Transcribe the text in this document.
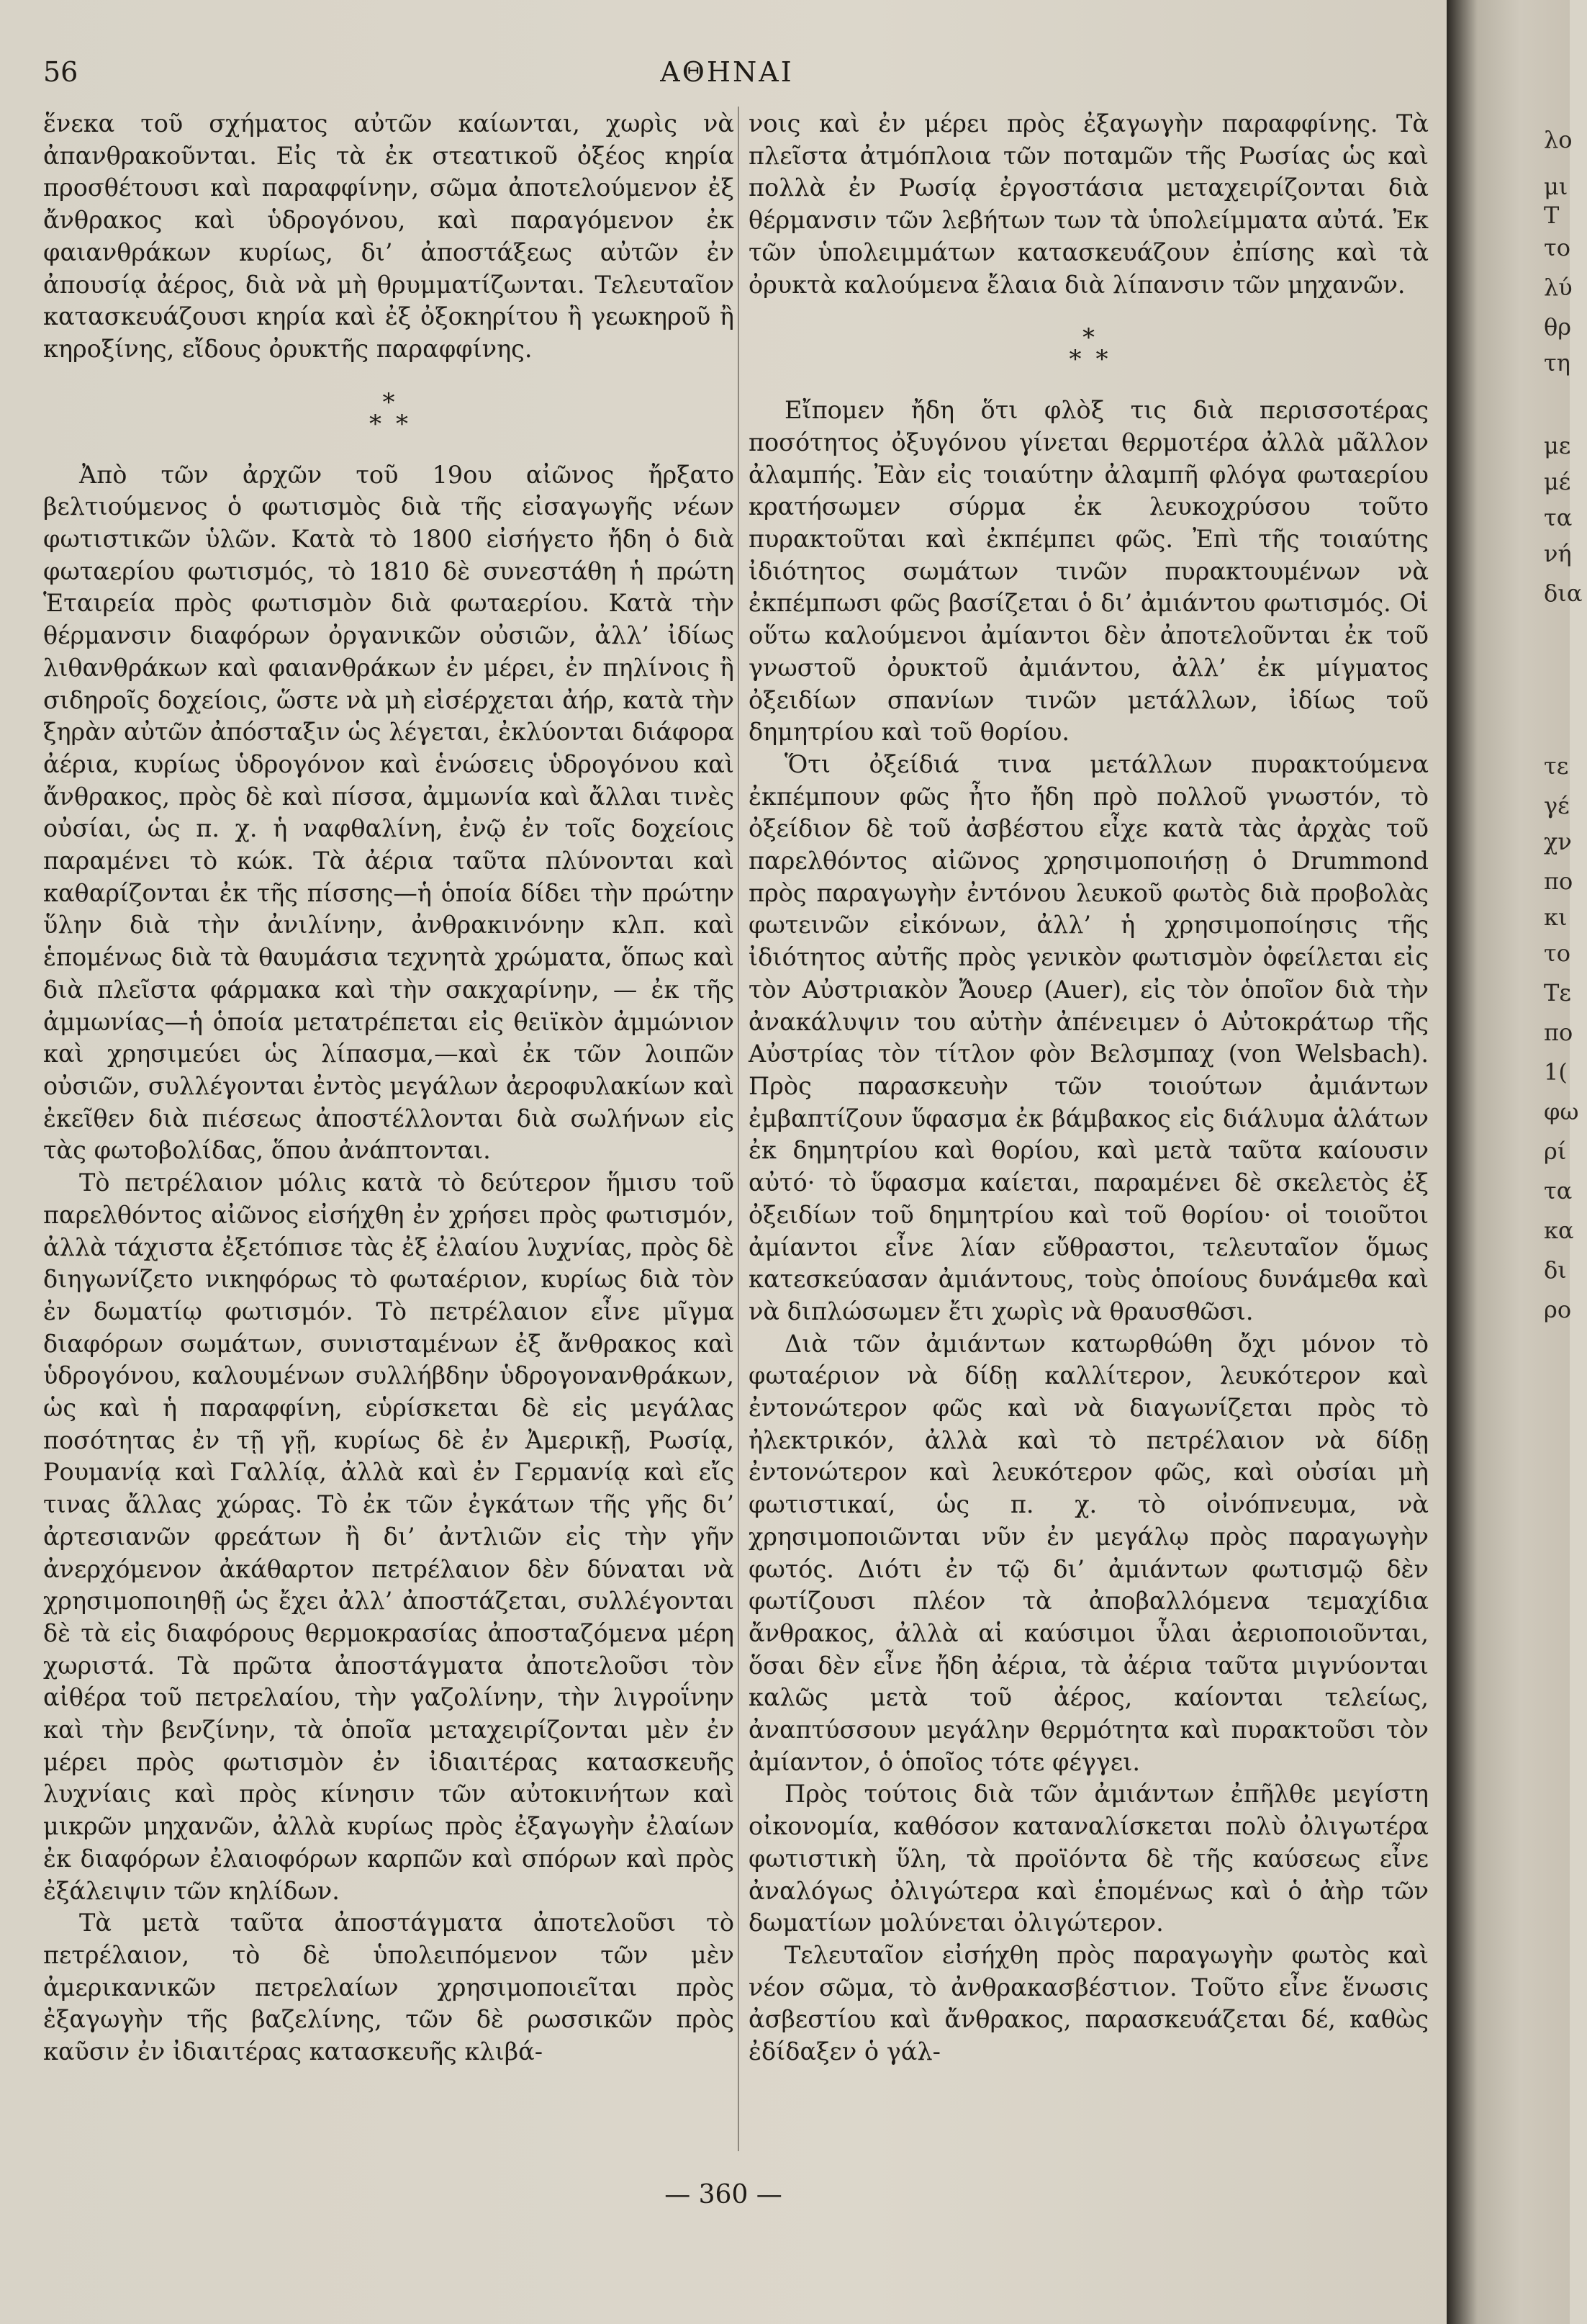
56	ΑΘΗΝΑΙ

ἕνεκα τοῦ σχήματος αὐτῶν καίωνται, χωρὶς νὰ ἀπανθρακοῦνται. Εἰς τὰ ἐκ στεατικοῦ ὀξέος κηρία προσθέτουσι καὶ παραφφίνην, σῶμα ἀποτελούμενον ἐξ ἄνθρακος καὶ ὑδρογόνου, καὶ παραγόμενον ἐκ φαιανθράκων κυρίως, δι’ ἀποστάξεως αὐτῶν ἐν ἀπουσίᾳ ἀέρος, διὰ νὰ μὴ θρυμματίζωνται. Τελευταῖον κατασκευάζουσι κηρία καὶ ἐξ ὀξοκηρίτου ἢ γεωκηροῦ ἢ κηροξίνης, εἴδους ὀρυκτῆς παραφφίνης.

*
**

Ἀπὸ τῶν ἀρχῶν τοῦ 19ου αἰῶνος ἤρξατο βελτιούμενος ὁ φωτισμὸς διὰ τῆς εἰσαγωγῆς νέων φωτιστικῶν ὑλῶν. Κατὰ τὸ 1800 εἰσήγετο ἤδη ὁ διὰ φωταερίου φωτισμός, τὸ 1810 δὲ συνεστάθη ἡ πρώτη Ἑταιρεία πρὸς φωτισμὸν διὰ φωταερίου. Κατὰ τὴν θέρμανσιν διαφόρων ὀργανικῶν οὐσιῶν, ἀλλ’ ἰδίως λιθανθράκων καὶ φαιανθράκων ἐν μέρει, ἐν πηλίνοις ἢ σιδηροῖς δοχείοις, ὥστε νὰ μὴ εἰσέρχεται ἀήρ, κατὰ τὴν ξηρὰν αὐτῶν ἀπόσταξιν ὡς λέγεται, ἐκλύονται διάφορα ἀέρια, κυρίως ὑδρογόνον καὶ ἑνώσεις ὑδρογόνου καὶ ἄνθρακος, πρὸς δὲ καὶ πίσσα, ἀμμωνία καὶ ἄλλαι τινὲς οὐσίαι, ὡς π. χ. ἡ ναφθαλίνη, ἐνῷ ἐν τοῖς δοχείοις παραμένει τὸ κώκ. Τὰ ἀέρια ταῦτα πλύνονται καὶ καθαρίζονται ἐκ τῆς πίσσης—ἡ ὁποία δίδει τὴν πρώτην ὕλην διὰ τὴν ἀνιλίνην, ἀνθρακινόνην κλπ. καὶ ἑπομένως διὰ τὰ θαυμάσια τεχνητὰ χρώματα, ὅπως καὶ διὰ πλεῖστα φάρμακα καὶ τὴν σακχαρίνην, — ἐκ τῆς ἀμμωνίας—ἡ ὁποία μετατρέπεται εἰς θειϊκὸν ἀμμώνιον καὶ χρησιμεύει ὡς λίπασμα,—καὶ ἐκ τῶν λοιπῶν οὐσιῶν, συλλέγονται ἐντὸς μεγάλων ἀεροφυλακίων καὶ ἐκεῖθεν διὰ πιέσεως ἀποστέλλονται διὰ σωλήνων εἰς τὰς φωτοβολίδας, ὅπου ἀνάπτονται.

Τὸ πετρέλαιον μόλις κατὰ τὸ δεύτερον ἥμισυ τοῦ παρελθόντος αἰῶνος εἰσήχθη ἐν χρήσει πρὸς φωτισμόν, ἀλλὰ τάχιστα ἐξετόπισε τὰς ἐξ ἐλαίου λυχνίας, πρὸς δὲ διηγωνίζετο νικηφόρως τὸ φωταέριον, κυρίως διὰ τὸν ἐν δωματίῳ φωτισμόν. Τὸ πετρέλαιον εἶνε μῖγμα διαφόρων σωμάτων, συνισταμένων ἐξ ἄνθρακος καὶ ὑδρογόνου, καλουμένων συλλήβδην ὑδρογονανθράκων, ὡς καὶ ἡ παραφφίνη, εὑρίσκεται δὲ εἰς μεγάλας ποσότητας ἐν τῇ γῇ, κυρίως δὲ ἐν Ἀμερικῇ, Ρωσίᾳ, Ρουμανίᾳ καὶ Γαλλίᾳ, ἀλλὰ καὶ ἐν Γερμανίᾳ καὶ εἴς τινας ἄλλας χώρας. Τὸ ἐκ τῶν ἐγκάτων τῆς γῆς δι’ ἀρτεσιανῶν φρεάτων ἢ δι’ ἀντλιῶν εἰς τὴν γῆν ἀνερχόμενον ἀκάθαρτον πετρέλαιον δὲν δύναται νὰ χρησιμοποιηθῇ ὡς ἔχει ἀλλ’ ἀποστάζεται, συλλέγονται δὲ τὰ εἰς διαφόρους θερμοκρασίας ἀποσταζόμενα μέρη χωριστά. Τὰ πρῶτα ἀποστάγματα ἀποτελοῦσι τὸν αἰθέρα τοῦ πετρελαίου, τὴν γαζολίνην, τὴν λιγροΐνην καὶ τὴν βενζίνην, τὰ ὁποῖα μεταχειρίζονται μὲν ἐν μέρει πρὸς φωτισμὸν ἐν ἰδιαιτέρας κατασκευῆς λυχνίαις καὶ πρὸς κίνησιν τῶν αὐτοκινήτων καὶ μικρῶν μηχανῶν, ἀλλὰ κυρίως πρὸς ἐξαγωγὴν ἐλαίων ἐκ διαφόρων ἐλαιοφόρων καρπῶν καὶ σπόρων καὶ πρὸς ἐξάλειψιν τῶν κηλίδων.

Τὰ μετὰ ταῦτα ἀποστάγματα ἀποτελοῦσι τὸ πετρέλαιον, τὸ δὲ ὑπολειπόμενον τῶν μὲν ἀμερικανικῶν πετρελαίων χρησιμοποιεῖται πρὸς ἐξαγωγὴν τῆς βαζελίνης, τῶν δὲ ρωσσικῶν πρὸς καῦσιν ἐν ἰδιαιτέρας κατασκευῆς κλιβά-

νοις καὶ ἐν μέρει πρὸς ἐξαγωγὴν παραφφίνης. Τὰ πλεῖστα ἀτμόπλοια τῶν ποταμῶν τῆς Ρωσίας ὡς καὶ πολλὰ ἐν Ρωσίᾳ ἐργοστάσια μεταχειρίζονται διὰ θέρμανσιν τῶν λεβήτων των τὰ ὑπολείμματα αὐτά. Ἐκ τῶν ὑπολειμμάτων κατασκευάζουν ἐπίσης καὶ τὰ ὀρυκτὰ καλούμενα ἔλαια διὰ λίπανσιν τῶν μηχανῶν.

*
**

Εἴπομεν ἤδη ὅτι φλὸξ τις διὰ περισσοτέρας ποσότητος ὀξυγόνου γίνεται θερμοτέρα ἀλλὰ μᾶλλον ἀλαμπής. Ἐὰν εἰς τοιαύτην ἀλαμπῆ φλόγα φωταερίου κρατήσωμεν σύρμα ἐκ λευκοχρύσου τοῦτο πυρακτοῦται καὶ ἐκπέμπει φῶς. Ἐπὶ τῆς τοιαύτης ἰδιότητος σωμάτων τινῶν πυρακτουμένων νὰ ἐκπέμπωσι φῶς βασίζεται ὁ δι’ ἀμιάντου φωτισμός. Οἱ οὕτω καλούμενοι ἀμίαντοι δὲν ἀποτελοῦνται ἐκ τοῦ γνωστοῦ ὀρυκτοῦ ἀμιάντου, ἀλλ’ ἐκ μίγματος ὀξειδίων σπανίων τινῶν μετάλλων, ἰδίως τοῦ δημητρίου καὶ τοῦ θορίου.

Ὅτι ὀξείδιά τινα μετάλλων πυρακτούμενα ἐκπέμπουν φῶς ἦτο ἤδη πρὸ πολλοῦ γνωστόν, τὸ ὀξείδιον δὲ τοῦ ἀσβέστου εἶχε κατὰ τὰς ἀρχὰς τοῦ παρελθόντος αἰῶνος χρησιμοποιήσῃ ὁ Drummond πρὸς παραγωγὴν ἐντόνου λευκοῦ φωτὸς διὰ προβολὰς φωτεινῶν εἰκόνων, ἀλλ’ ἡ χρησιμοποίησις τῆς ἰδιότητος αὐτῆς πρὸς γενικὸν φωτισμὸν ὀφείλεται εἰς τὸν Αὐστριακὸν Ἄουερ (Auer), εἰς τὸν ὁποῖον διὰ τὴν ἀνακάλυψιν του αὐτὴν ἀπένειμεν ὁ Αὐτοκράτωρ τῆς Αὐστρίας τὸν τίτλον φὸν Βελσμπαχ (von Welsbach). Πρὸς παρασκευὴν τῶν τοιούτων ἀμιάντων ἐμβαπτίζουν ὕφασμα ἐκ βάμβακος εἰς διάλυμα ἁλάτων ἐκ δημητρίου καὶ θορίου, καὶ μετὰ ταῦτα καίουσιν αὐτό· τὸ ὕφασμα καίεται, παραμένει δὲ σκελετὸς ἐξ ὀξειδίων τοῦ δημητρίου καὶ τοῦ θορίου· οἱ τοιοῦτοι ἀμίαντοι εἶνε λίαν εὔθραστοι, τελευταῖον ὅμως κατεσκεύασαν ἀμιάντους, τοὺς ὁποίους δυνάμεθα καὶ νὰ διπλώσωμεν ἔτι χωρὶς νὰ θραυσθῶσι.

Διὰ τῶν ἀμιάντων κατωρθώθη ὄχι μόνον τὸ φωταέριον νὰ δίδῃ καλλίτερον, λευκότερον καὶ ἐντονώτερον φῶς καὶ νὰ διαγωνίζεται πρὸς τὸ ἠλεκτρικόν, ἀλλὰ καὶ τὸ πετρέλαιον νὰ δίδῃ ἐντονώτερον καὶ λευκότερον φῶς, καὶ οὐσίαι μὴ φωτιστικαί, ὡς π. χ. τὸ οἰνόπνευμα, νὰ χρησιμοποιῶνται νῦν ἐν μεγάλῳ πρὸς παραγωγὴν φωτός. Διότι ἐν τῷ δι’ ἀμιάντων φωτισμῷ δὲν φωτίζουσι πλέον τὰ ἀποβαλλόμενα τεμαχίδια ἄνθρακος, ἀλλὰ αἱ καύσιμοι ὗλαι ἀεριοποιοῦνται, ὅσαι δὲν εἶνε ἤδη ἀέρια, τὰ ἀέρια ταῦτα μιγνύονται καλῶς μετὰ τοῦ ἀέρος, καίονται τελείως, ἀναπτύσσουν μεγάλην θερμότητα καὶ πυρακτοῦσι τὸν ἀμίαντον, ὁ ὁποῖος τότε φέγγει.

Πρὸς τούτοις διὰ τῶν ἀμιάντων ἐπῆλθε μεγίστη οἰκονομία, καθόσον καταναλίσκεται πολὺ ὀλιγωτέρα φωτιστικὴ ὕλη, τὰ προϊόντα δὲ τῆς καύσεως εἶνε ἀναλόγως ὀλιγώτερα καὶ ἑπομένως καὶ ὁ ἀὴρ τῶν δωματίων μολύνεται ὀλιγώτερον.

Τελευταῖον εἰσήχθη πρὸς παραγωγὴν φωτὸς καὶ νέον σῶμα, τὸ ἀνθρακασβέστιον. Τοῦτο εἶνε ἕνωσις ἀσβεστίου καὶ ἄνθρακος, παρασκευάζεται δέ, καθὼς ἐδίδαξεν ὁ γάλ-

— 360 —
λο
μι
Τ
το
λύ
θρ
τη
με
μέ
τα
νή
δια
τε
γέ
χν
πο
κι
το
Τε
πο
1(
φω
ρί
τα
κα
δι
ρο
